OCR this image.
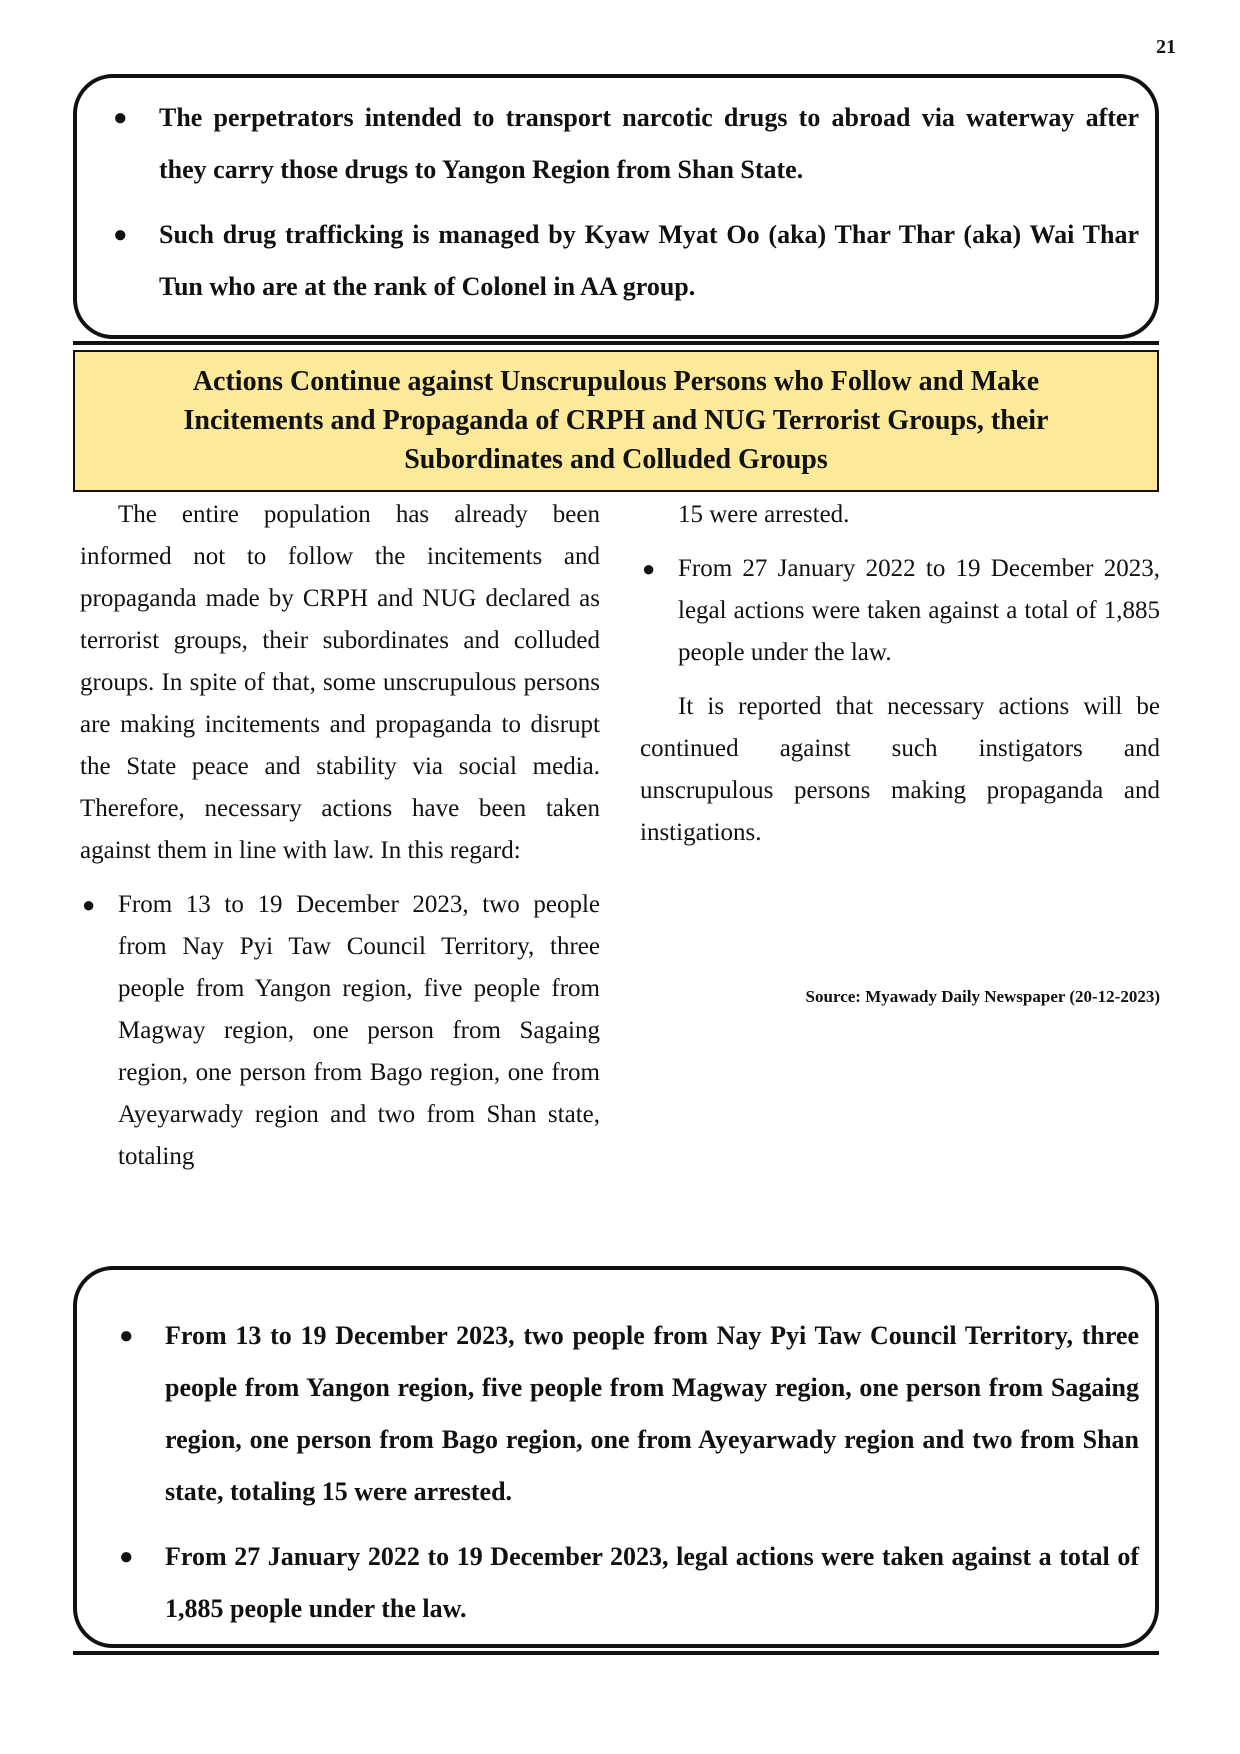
21
● The perpetrators intended to transport narcotic drugs to abroad via waterway after they carry those drugs to Yangon Region from Shan State.
● Such drug trafficking is managed by Kyaw Myat Oo (aka) Thar Thar (aka) Wai Thar Tun who are at the rank of Colonel in AA group.
Actions Continue against Unscrupulous Persons who Follow and Make
Incitements and Propaganda of CRPH and NUG Terrorist Groups, their
Subordinates and Colluded Groups

The entire population has already been informed not to follow the incitements and propaganda made by CRPH and NUG declared as terrorist groups, their subordinates and colluded groups. In spite of that, some unscrupulous persons are making incitements and propaganda to disrupt the State peace and stability via social media. Therefore, necessary actions have been taken against them in line with law. In this regard:

● From 13 to 19 December 2023, two people from Nay Pyi Taw Council Territory, three people from Yangon region, five people from Magway region, one person from Sagaing region, one person from Bago region, one from Ayeyarwady region and two from Shan state, totaling
15 were arrested.
● From 27 January 2022 to 19 December 2023, legal actions were taken against a total of 1,885 people under the law.

It is reported that necessary actions will be continued against such instigators and unscrupulous persons making propaganda and instigations.

Source: Myawady Daily Newspaper (20-12-2023)
● From 13 to 19 December 2023, two people from Nay Pyi Taw Council Territory, three people from Yangon region, five people from Magway region, one person from Sagaing region, one person from Bago region, one from Ayeyarwady region and two from Shan state, totaling 15 were arrested.
● From 27 January 2022 to 19 December 2023, legal actions were taken against a total of 1,885 people under the law.
